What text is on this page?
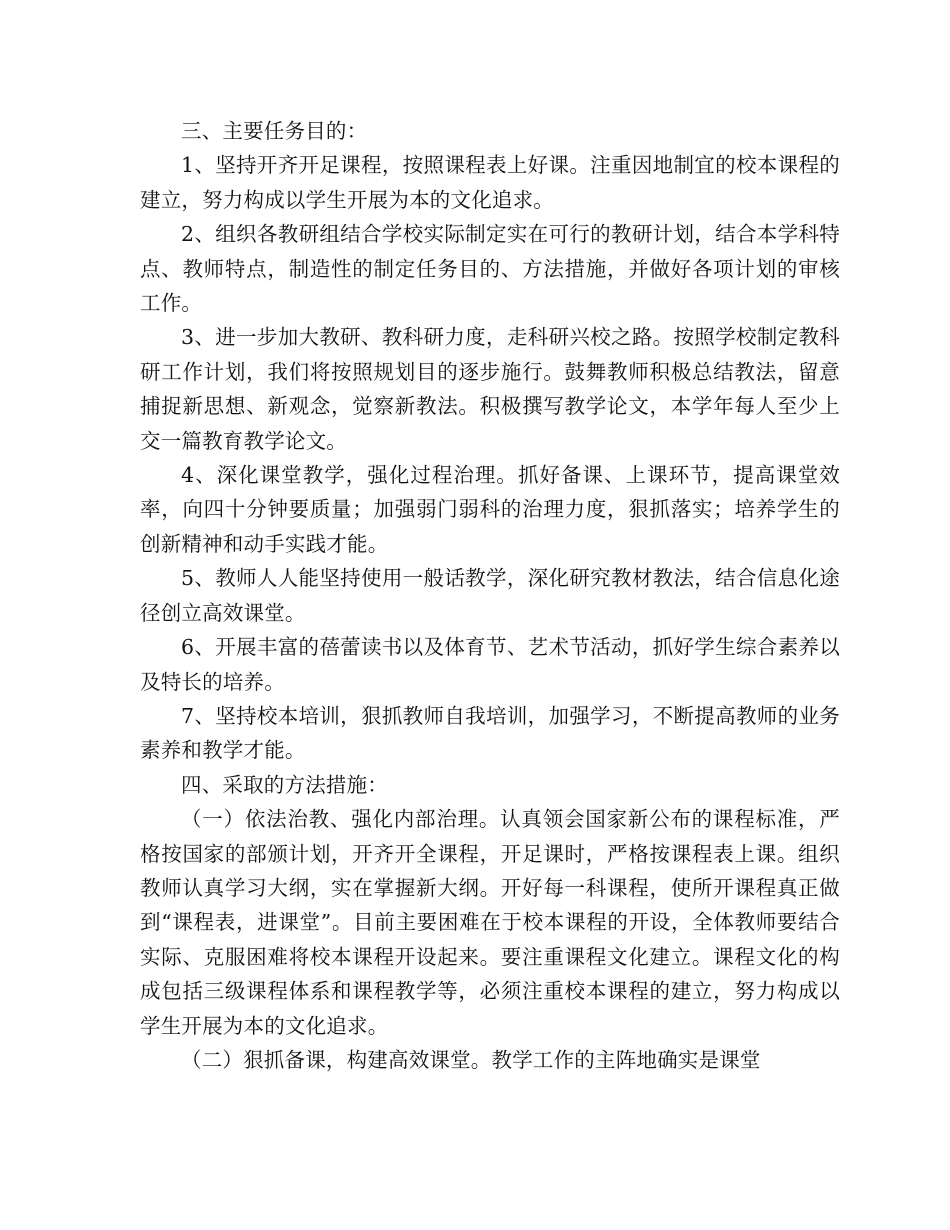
三、主要任务目的：

1、坚持开齐开足课程，按照课程表上好课。注重因地制宜的校本课程的建立，努力构成以学生开展为本的文化追求。

2、组织各教研组结合学校实际制定实在可行的教研计划，结合本学科特点、教师特点，制造性的制定任务目的、方法措施，并做好各项计划的审核工作。

3、进一步加大教研、教科研力度，走科研兴校之路。按照学校制定教科研工作计划，我们将按照规划目的逐步施行。鼓舞教师积极总结教法，留意捕捉新思想、新观念，觉察新教法。积极撰写教学论文，本学年每人至少上交一篇教育教学论文。

4、深化课堂教学，强化过程治理。抓好备课、上课环节，提高课堂效率，向四十分钟要质量；加强弱门弱科的治理力度，狠抓落实；培养学生的创新精神和动手实践才能。

5、教师人人能坚持使用一般话教学，深化研究教材教法，结合信息化途径创立高效课堂。

6、开展丰富的蓓蕾读书以及体育节、艺术节活动，抓好学生综合素养以及特长的培养。

7、坚持校本培训，狠抓教师自我培训，加强学习，不断提高教师的业务素养和教学才能。

四、采取的方法措施：

（一）依法治教、强化内部治理。认真领会国家新公布的课程标准，严格按国家的部颁计划，开齐开全课程，开足课时，严格按课程表上课。组织教师认真学习大纲，实在掌握新大纲。开好每一科课程，使所开课程真正做到“课程表，进课堂”。目前主要困难在于校本课程的开设，全体教师要结合实际、克服困难将校本课程开设起来。要注重课程文化建立。课程文化的构成包括三级课程体系和课程教学等，必须注重校本课程的建立，努力构成以学生开展为本的文化追求。

（二）狠抓备课，构建高效课堂。教学工作的主阵地确实是课堂
